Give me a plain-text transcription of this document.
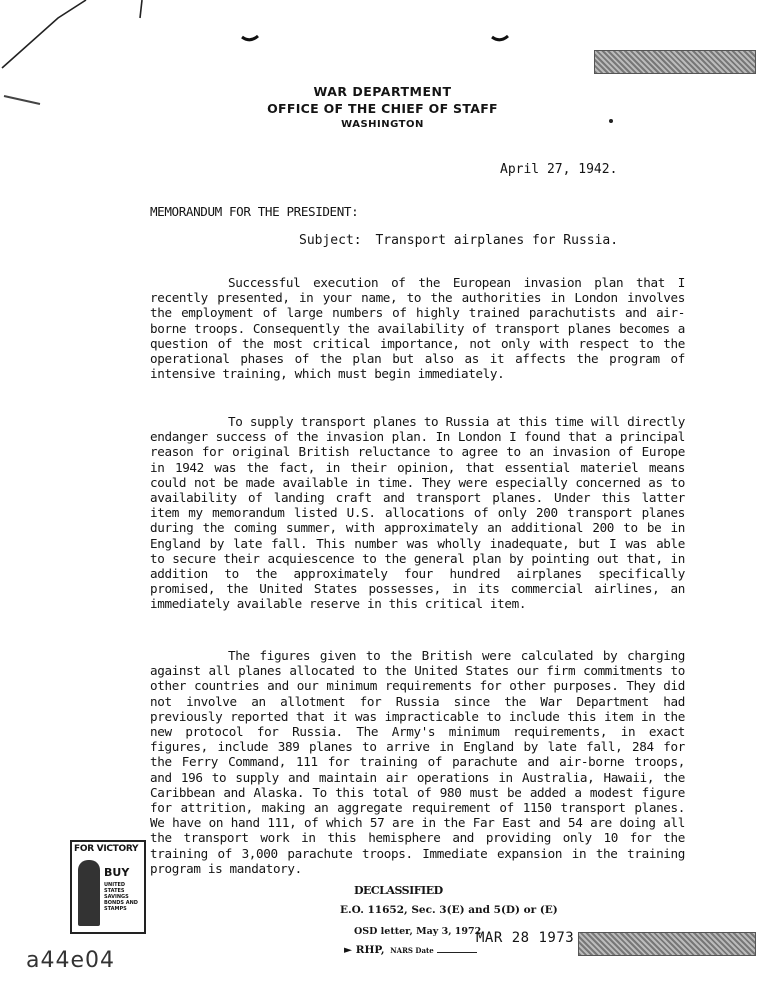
WAR DEPARTMENT
OFFICE OF THE CHIEF OF STAFF
WASHINGTON
April 27, 1942.
MEMORANDUM FOR THE PRESIDENT:
Subject: Transport airplanes for Russia.

Successful execution of the European invasion plan that I recently presented, in your name, to the authorities in London involves the employment of large numbers of highly trained parachutists and air-borne troops. Consequently the availability of transport planes becomes a question of the most critical importance, not only with respect to the operational phases of the plan but also as it affects the program of intensive training, which must begin immediately.

To supply transport planes to Russia at this time will directly endanger success of the invasion plan. In London I found that a principal reason for original British reluctance to agree to an invasion of Europe in 1942 was the fact, in their opinion, that essential materiel means could not be made available in time. They were especially concerned as to availability of landing craft and transport planes. Under this latter item my memorandum listed U.S. allocations of only 200 transport planes during the coming summer, with approximately an additional 200 to be in England by late fall. This number was wholly inadequate, but I was able to secure their acquiescence to the general plan by pointing out that, in addition to the approximately four hundred airplanes specifically promised, the United States possesses, in its commercial airlines, an immediately available reserve in this critical item.

The figures given to the British were calculated by charging against all planes allocated to the United States our firm commitments to other countries and our minimum requirements for other purposes. They did not involve an allotment for Russia since the War Department had previously reported that it was impracticable to include this item in the new protocol for Russia. The Army's minimum requirements, in exact figures, include 389 planes to arrive in England by late fall, 284 for the Ferry Command, 111 for training of parachute and air-borne troops, and 196 to supply and maintain air operations in Australia, Hawaii, the Caribbean and Alaska. To this total of 980 must be added a modest figure for attrition, making an aggregate requirement of 1150 transport planes. We have on hand 111, of which 57 are in the Far East and 54 are doing all the transport work in this hemisphere and providing only 10 for the training of 3,000 parachute troops. Immediate expansion in the training program is mandatory.

FOR VICTORY
BUY
UNITED STATES SAVINGS BONDS AND STAMPS
DECLASSIFIED
E.O. 11652, Sec. 3(E) and 5(D) or (E)
OSD letter, May 3, 1972
► RHP, NARS Date
MAR 28 1973
a44e04
